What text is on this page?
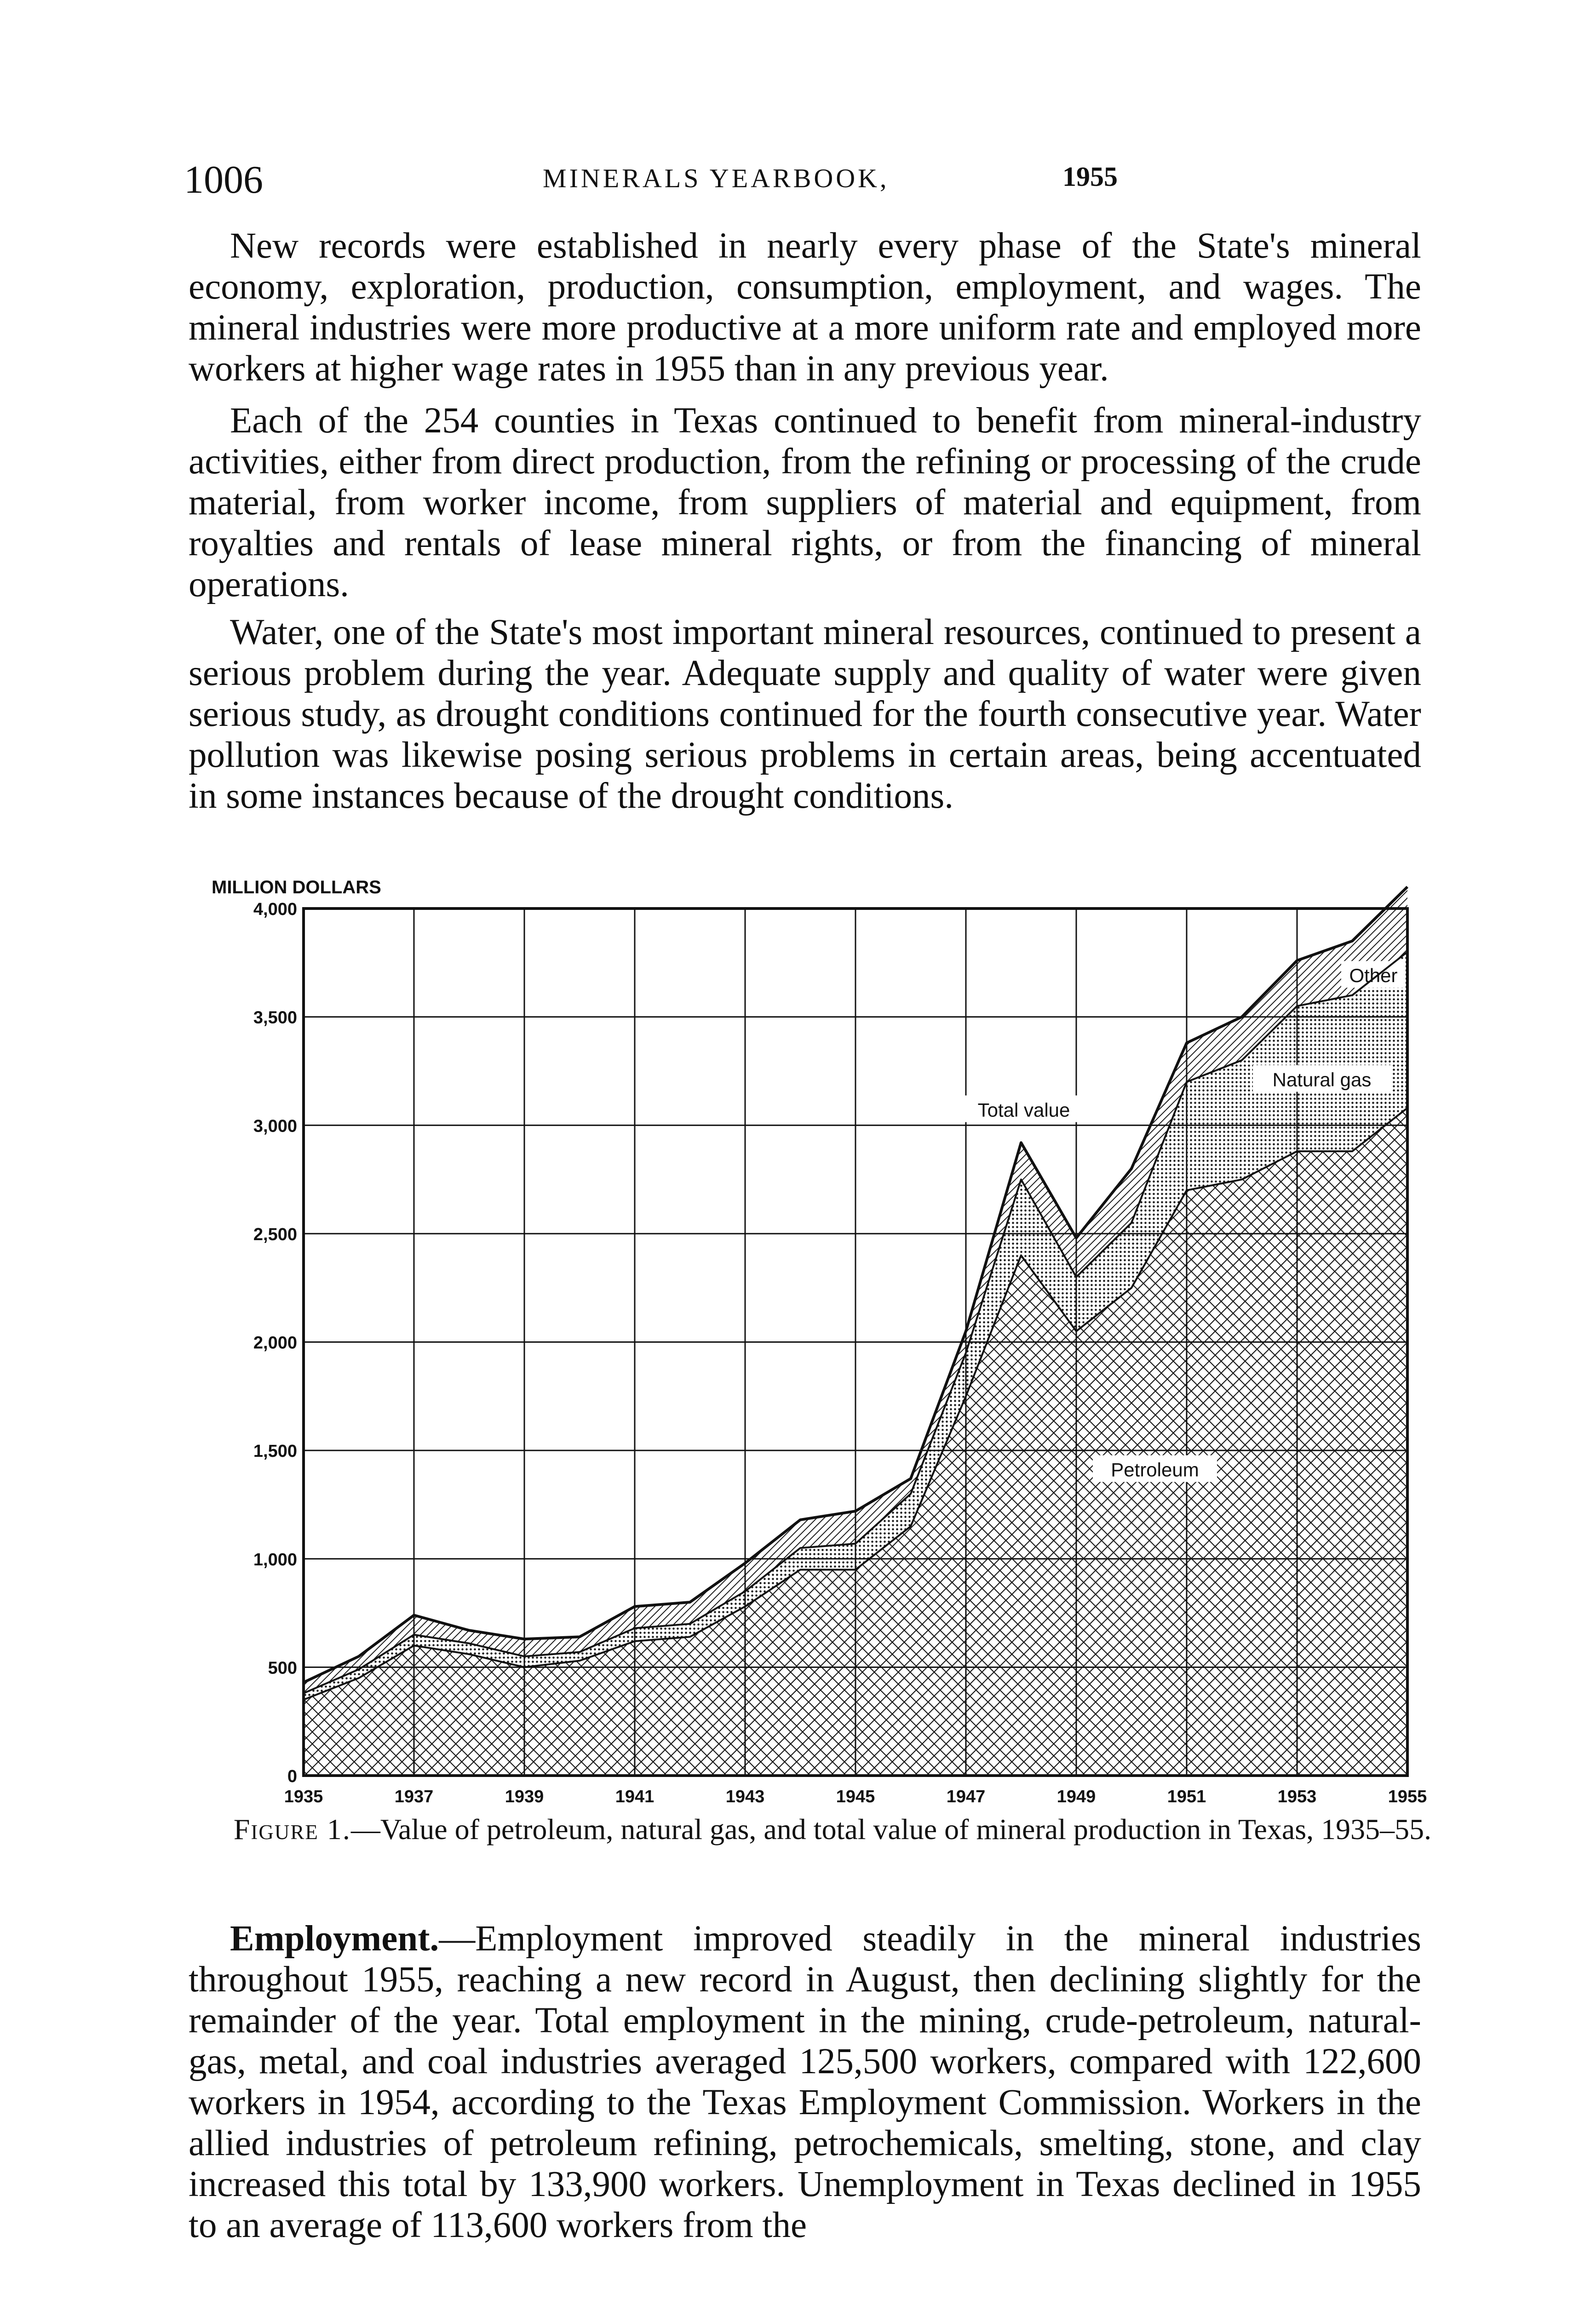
1006	MINERALS YEARBOOK,	1955

New records were established in nearly every phase of the State's mineral economy, exploration, production, consumption, employment, and wages. The mineral industries were more productive at a more uniform rate and employed more workers at higher wage rates in 1955 than in any previous year.

Each of the 254 counties in Texas continued to benefit from mineral-industry activities, either from direct production, from the refining or processing of the crude material, from worker income, from suppliers of material and equipment, from royalties and rentals of lease mineral rights, or from the financing of mineral operations.

Water, one of the State's most important mineral resources, continued to present a serious problem during the year. Adequate supply and quality of water were given serious study, as drought conditions continued for the fourth consecutive year. Water pollution was likewise posing serious problems in certain areas, being accentuated in some instances because of the drought conditions.

4,000
3,500
3,000
2,500
2,000
1,500
1,000
500
0
1935	1937	1939	1941	1943	1945	1947	1949	1951	1953	1955
MILLION DOLLARS
Total value
Other
Natural gas
Petroleum
Figure 1.—Value of petroleum, natural gas, and total value of mineral production in Texas, 1935–55.

Employment.—Employment improved steadily in the mineral industries throughout 1955, reaching a new record in August, then declining slightly for the remainder of the year. Total employment in the mining, crude-petroleum, natural-gas, metal, and coal industries averaged 125,500 workers, compared with 122,600 workers in 1954, according to the Texas Employment Commission. Workers in the allied industries of petroleum refining, petrochemicals, smelting, stone, and clay increased this total by 133,900 workers. Unemployment in Texas declined in 1955 to an average of 113,600 workers from the
